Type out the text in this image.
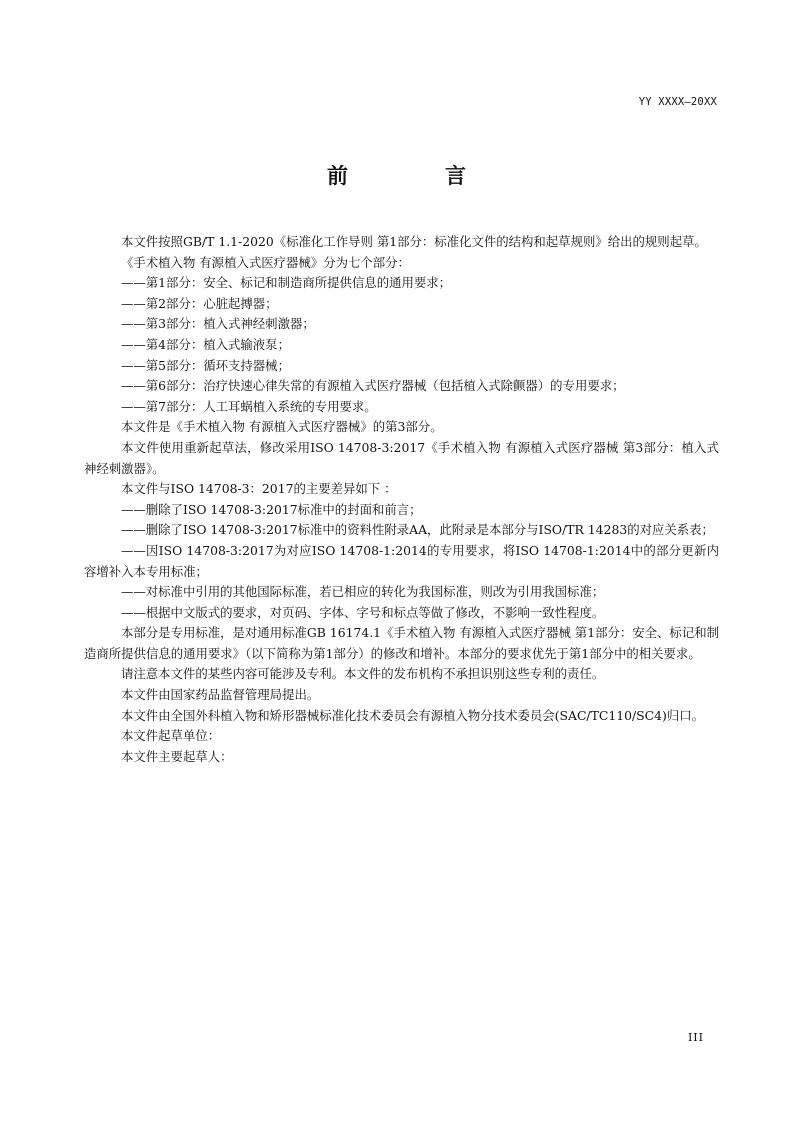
YY XXXX—20XX
前　言

本文件按照GB/T 1.1-2020《标准化工作导则 第1部分：标准化文件的结构和起草规则》给出的规则起草。

《手术植入物 有源植入式医疗器械》分为七个部分：

——第1部分：安全、标记和制造商所提供信息的通用要求；

——第2部分：心脏起搏器；

——第3部分：植入式神经刺激器；

——第4部分：植入式输液泵；

——第5部分：循环支持器械；

——第6部分：治疗快速心律失常的有源植入式医疗器械（包括植入式除颤器）的专用要求；

——第7部分：人工耳蜗植入系统的专用要求。

本文件是《手术植入物 有源植入式医疗器械》的第3部分。

本文件使用重新起草法，修改采用ISO 14708-3:2017《手术植入物 有源植入式医疗器械 第3部分：植入式神经刺激器》。

本文件与ISO 14708-3：2017的主要差异如下 ：

——删除了ISO 14708-3:2017标准中的封面和前言；

——删除了ISO 14708-3:2017标准中的资料性附录AA，此附录是本部分与ISO/TR 14283的对应关系表；

——因ISO 14708-3:2017为对应ISO 14708-1:2014的专用要求，将ISO 14708-1:2014中的部分更新内容增补入本专用标准；

——对标准中引用的其他国际标准，若已相应的转化为我国标准，则改为引用我国标准；

——根据中文版式的要求，对页码、字体、字号和标点等做了修改，不影响一致性程度。

本部分是专用标准，是对通用标准GB 16174.1《手术植入物 有源植入式医疗器械 第1部分：安全、标记和制造商所提供信息的通用要求》（以下简称为第1部分）的修改和增补。本部分的要求优先于第1部分中的相关要求。

请注意本文件的某些内容可能涉及专利。本文件的发布机构不承担识别这些专利的责任。

本文件由国家药品监督管理局提出。

本文件由全国外科植入物和矫形器械标准化技术委员会有源植入物分技术委员会(SAC/TC110/SC4)归口。

本文件起草单位：

本文件主要起草人：

III
